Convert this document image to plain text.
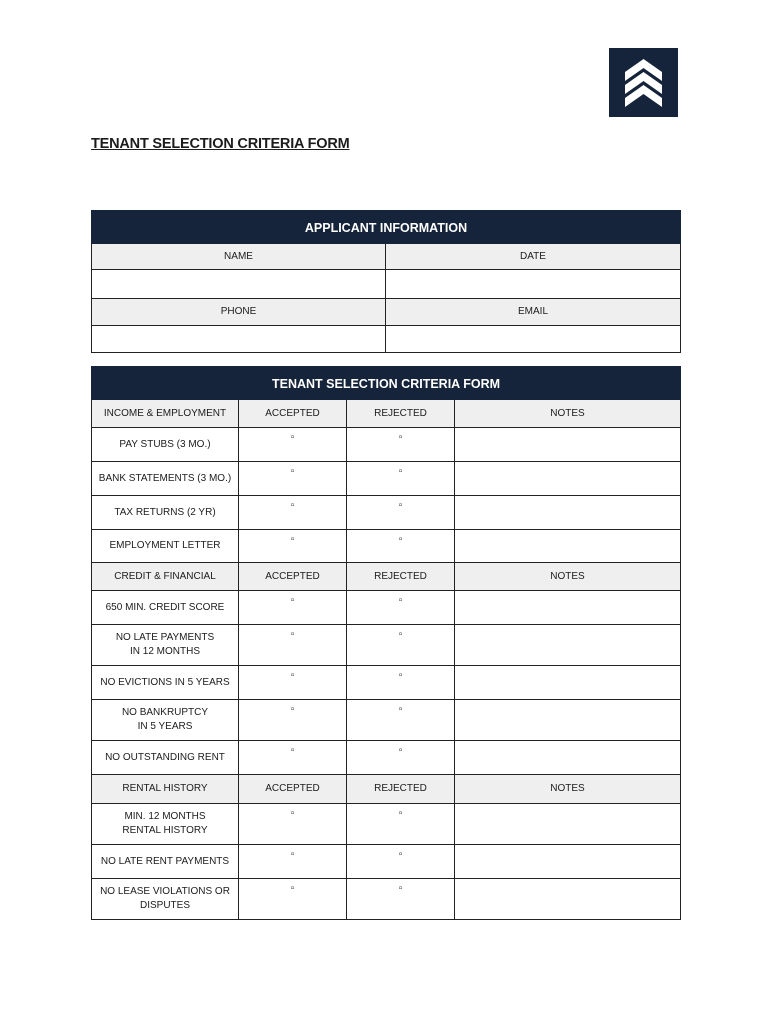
TENANT SELECTION CRITERIA FORM
APPLICANT INFORMATION	
NAME	DATE

PHONE	EMAIL

TENANT SELECTION CRITERIA FORM			
INCOME & EMPLOYMENT	ACCEPTED	REJECTED	NOTES

PAY STUBS (3 MO.)	▫	▫	

BANK STATEMENTS (3 MO.)	▫	▫	

TAX RETURNS (2 YR)	▫	▫	

EMPLOYMENT LETTER	▫	▫	
CREDIT & FINANCIAL	ACCEPTED	REJECTED	NOTES

650 MIN. CREDIT SCORE	▫	▫	

NO LATE PAYMENTS
IN 12 MONTHS	▫	▫	

NO EVICTIONS IN 5 YEARS	▫	▫	

NO BANKRUPTCY
IN 5 YEARS	▫	▫	

NO OUTSTANDING RENT	▫	▫	
RENTAL HISTORY	ACCEPTED	REJECTED	NOTES

MIN. 12 MONTHS
RENTAL HISTORY	▫	▫	

NO LATE RENT PAYMENTS	▫	▫	

NO LEASE VIOLATIONS OR
DISPUTES	▫	▫	
